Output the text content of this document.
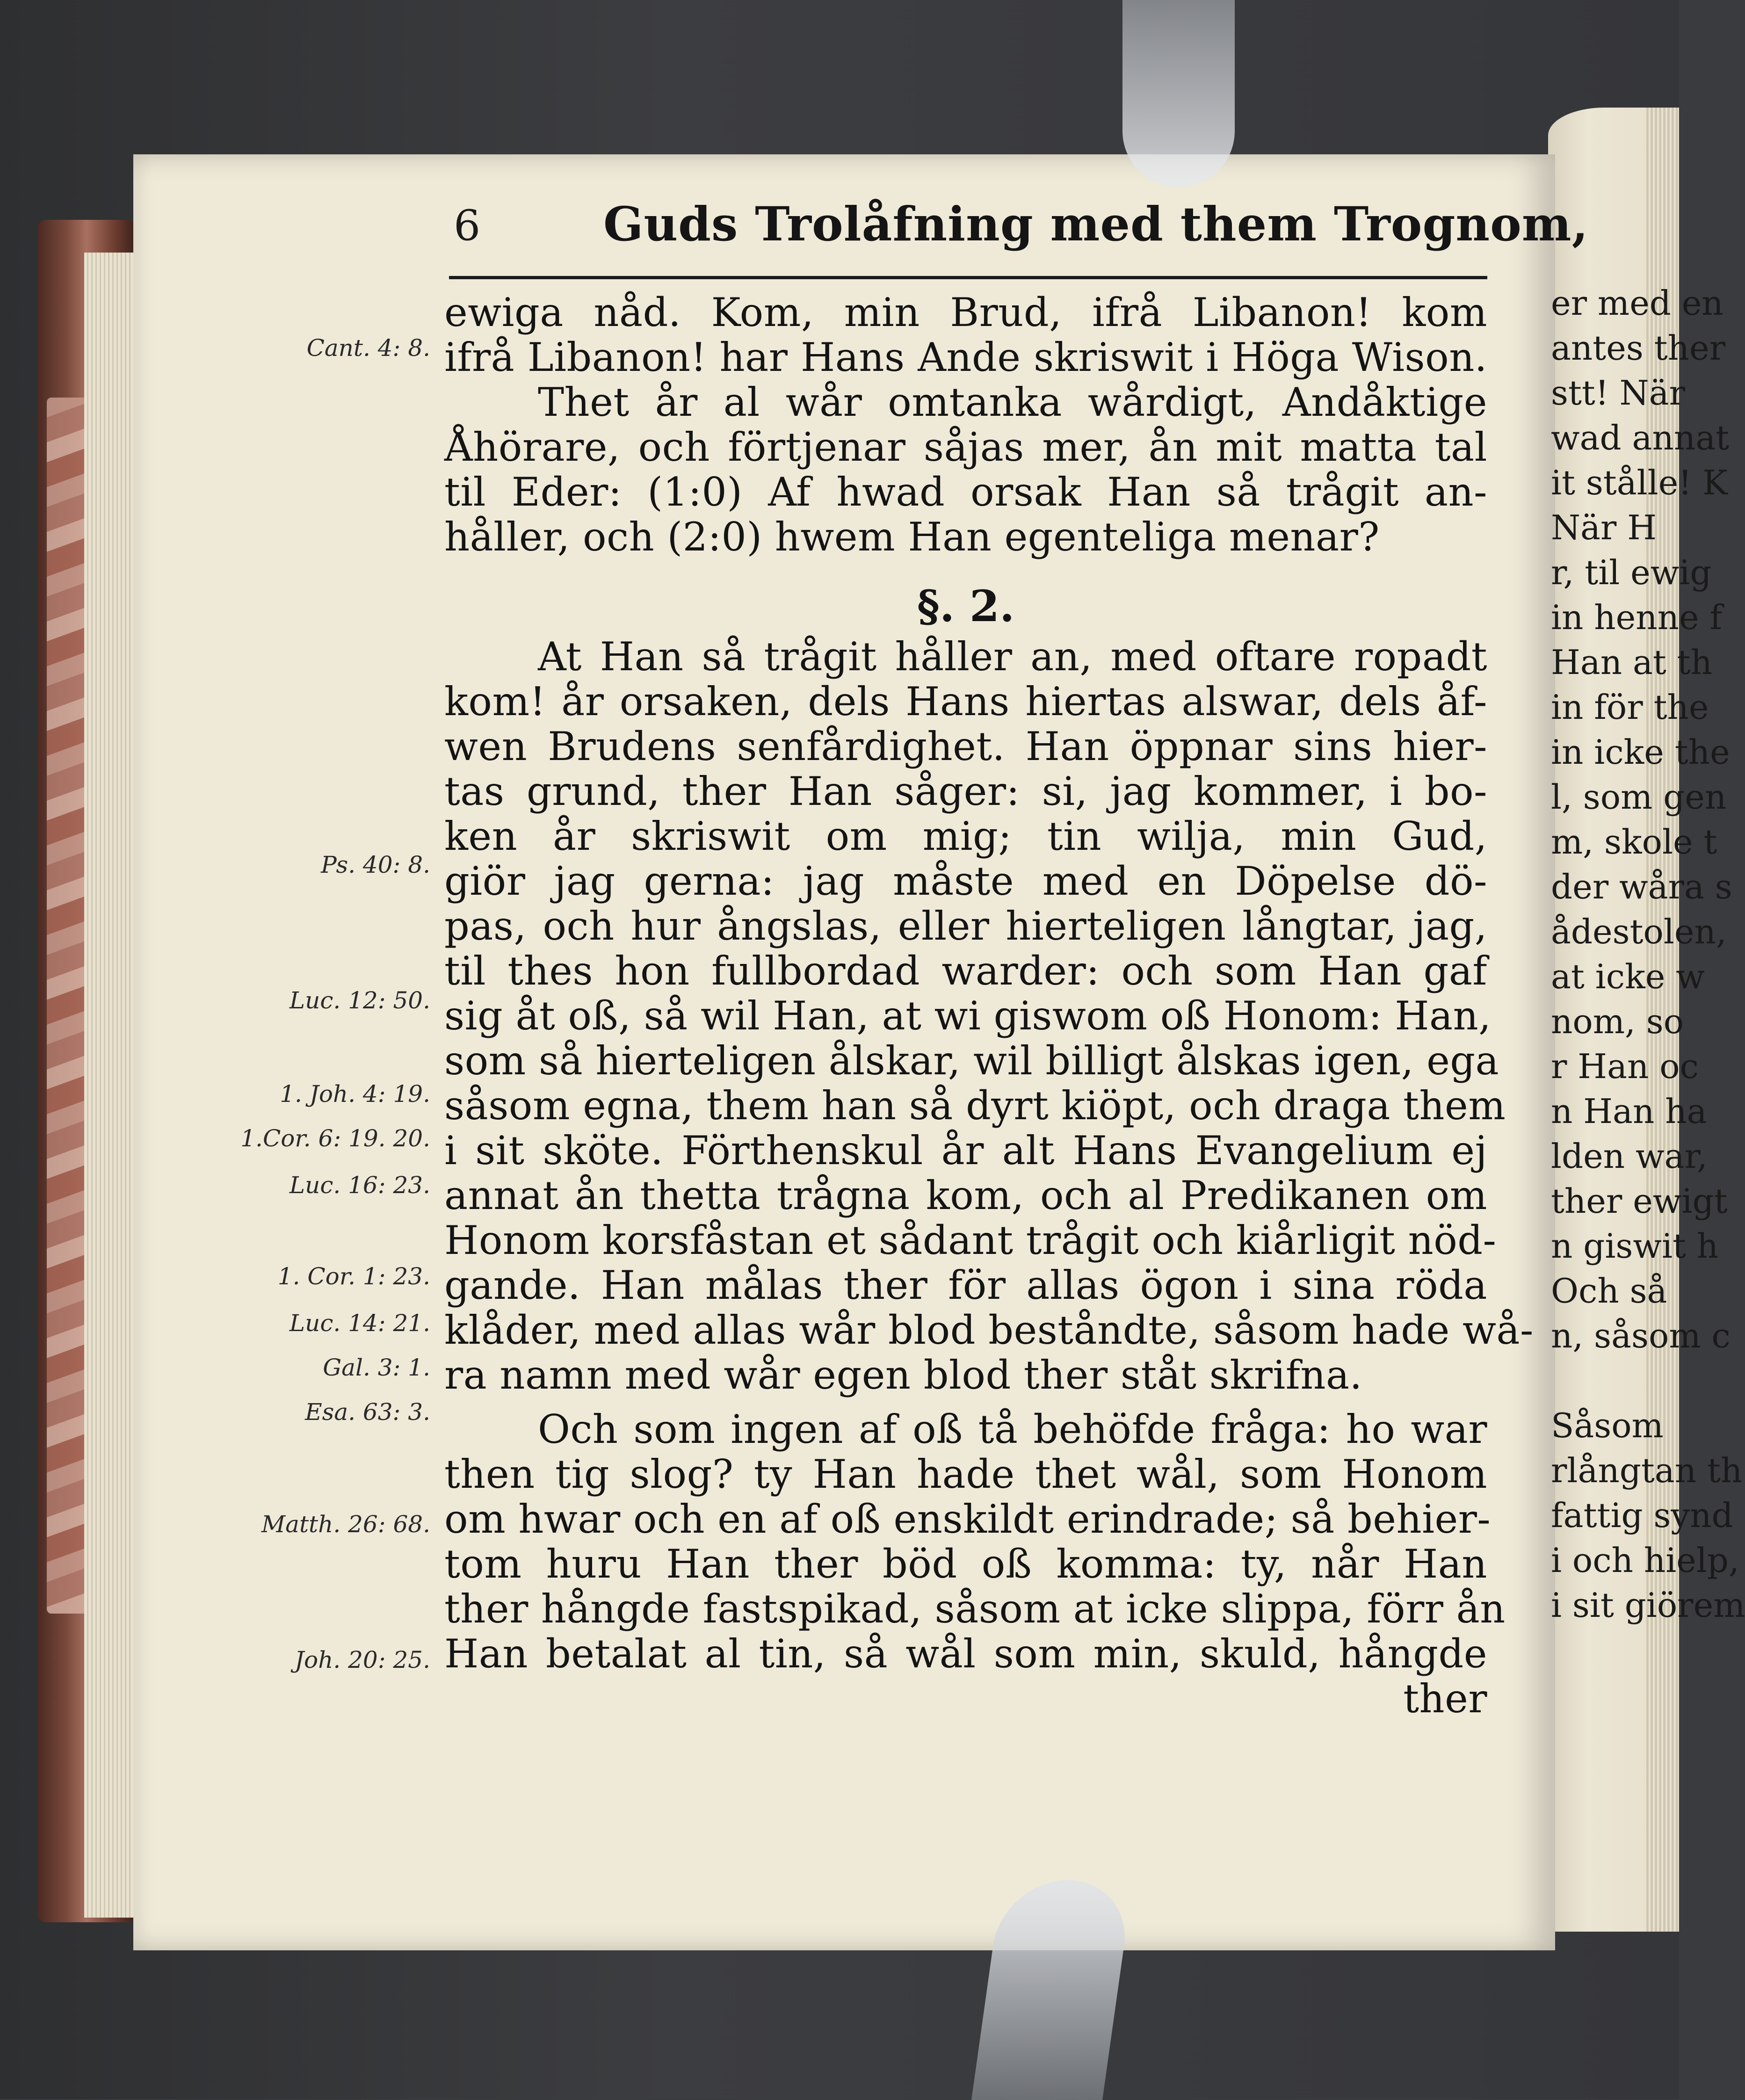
6	Guds Trolåfning med them Trognom,
Cant. 4: 8.
Ps. 40: 8.
Luc. 12: 50.
1. Joh. 4: 19.
1.Cor. 6: 19. 20.
Luc. 16: 23.
1. Cor. 1: 23.
Luc. 14: 21.
Gal. 3: 1.
Esa. 63: 3.
Matth. 26: 68.
Joh. 20: 25.
ewiga nåd. Kom, min Brud, ifrå Libanon! kom
ifrå Libanon! har Hans Ande skriswit i Höga Wison.
Thet år al wår omtanka wårdigt, Andåktige
Åhörare, och förtjenar såjas mer, ån mit matta tal
til Eder: (1:0) Af hwad orsak Han så trågit an-
håller, och (2:0) hwem Han egenteliga menar?
§. 2.
At Han så trågit håller an, med oftare ropadt
kom! år orsaken, dels Hans hiertas alswar, dels åf-
wen Brudens senfårdighet. Han öppnar sins hier-
tas grund, ther Han såger: si, jag kommer, i bo-
ken år skriswit om mig; tin wilja, min Gud,
giör jag gerna: jag måste med en Döpelse dö-
pas, och hur ångslas, eller hierteligen långtar, jag,
til thes hon fullbordad warder: och som Han gaf
sig åt oß, så wil Han, at wi giswom oß Honom: Han,
som så hierteligen ålskar, wil billigt ålskas igen, ega
såsom egna, them han så dyrt kiöpt, och draga them
i sit sköte. Förthenskul år alt Hans Evangelium ej
annat ån thetta trågna kom, och al Predikanen om
Honom korsfåstan et sådant trågit och kiårligit nöd-
gande. Han målas ther för allas ögon i sina röda
klåder, med allas wår blod beståndte, såsom hade wå-
ra namn med wår egen blod ther ståt skrifna.
Och som ingen af oß tå behöfde fråga: ho war
then tig slog? ty Han hade thet wål, som Honom
om hwar och en af oß enskildt erindrade; så behier-
tom huru Han ther böd oß komma: ty, når Han
ther hångde fastspikad, såsom at icke slippa, förr ån
Han betalat al tin, så wål som min, skuld, hångde
ther
er med en
antes ther
stt! När
wad annat
it stålle! K
När H
r, til ewig
in henne f
Han at th
in för the
in icke the
l, som gen
m, skole t
der wåra s
ådestolen,
at icke w
nom, so
r Han oc
n Han ha
lden war,
ther ewigt
n giswit h
Och så
n, såsom c
Såsom
rlångtan th
fattig synd
i och hielp,
i sit giörem
